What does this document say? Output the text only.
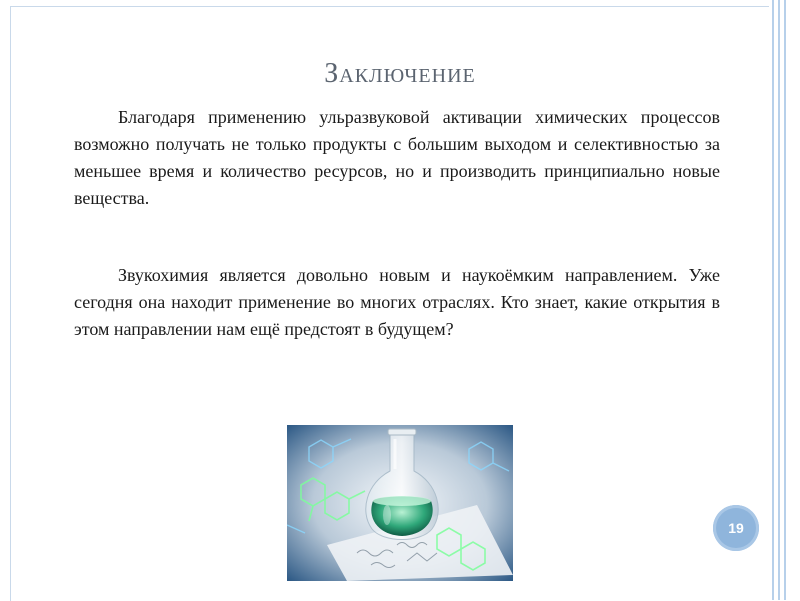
Заключение
Благодаря применению ульразвуковой активации химических процессов возможно получать не только продукты с большим выходом и селективностью за меньшее время и количество ресурсов, но и производить принципиально новые вещества.
Звукохимия является довольно новым и наукоёмким направлением. Уже сегодня она находит применение во многих отраслях. Кто знает, какие открытия в этом направлении нам ещё предстоят в будущем?
19
